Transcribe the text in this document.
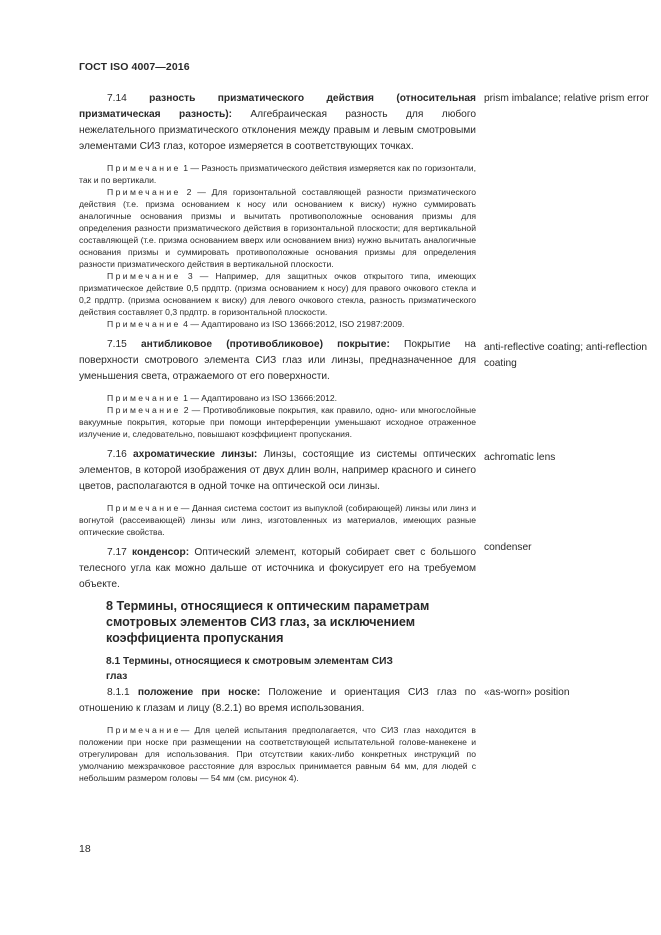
ГОСТ ISO 4007—2016

7.14 разность призматического действия (относительная призматическая разность): Алгебраическая разность для любого нежелательного призматического отклонения между правым и левым смотровыми элементами СИЗ глаз, которое измеряется в соответствующих точках.

Примечание 1 — Разность призматического действия измеряется как по горизонтали, так и по вертикали.

Примечание 2 — Для горизонтальной составляющей разности призматического действия (т.е. призма основанием к носу или основанием к виску) нужно суммировать аналогичные основания призмы и вычитать противоположные основания призмы для определения разности призматического действия в горизонтальной плоскости; для вертикальной составляющей (т.е. призма основанием вверх или основанием вниз) нужно вычитать аналогичные основания призмы и суммировать противоположные основания призмы для определения разности призматического действия в вертикальной плоскости.

Примечание 3 — Например, для защитных очков открытого типа, имеющих призматическое действие 0,5 прдптр. (призма основанием к носу) для правого очкового стекла и 0,2 прдптр. (призма основанием к виску) для левого очкового стекла, разность призматического действия составляет 0,3 прдптр. в горизонтальной плоскости.

Примечание 4 — Адаптировано из ISO 13666:2012, ISO 21987:2009.

7.15 антибликовое (противобликовое) покрытие: Покрытие на поверхности смотрового элемента СИЗ глаз или линзы, предназначенное для уменьшения света, отражаемого от его поверхности.

Примечание 1 — Адаптировано из ISO 13666:2012.

Примечание 2 — Противобликовые покрытия, как правило, одно- или многослойные вакуумные покрытия, которые при помощи интерференции уменьшают исходное отраженное излучение и, следовательно, повышают коэффициент пропускания.

7.16 ахроматические линзы: Линзы, состоящие из системы оптических элементов, в которой изображения от двух длин волн, например красного и синего цветов, располагаются в одной точке на оптической оси линзы.

Примечание— Данная система состоит из выпуклой (собирающей) линзы или линз и вогнутой (рассеивающей) линзы или линз, изготовленных из материалов, имеющих разные оптические свойства.

7.17 конденсор: Оптический элемент, который собирает свет с большого телесного угла как можно дальше от источника и фокусирует его на требуемом объекте.

prism imbalance; relative prism error
anti-reflective coating; anti-reflection coating
achromatic lens
condenser
8 Термины, относящиеся к оптическим параметрам смотровых элементов СИЗ глаз, за исключением коэффициента пропускания
8.1 Термины, относящиеся к смотровым элементам СИЗ глаз

8.1.1 положение при носке: Положение и ориентация СИЗ глаз по отношению к глазам и лицу (8.2.1) во время использования.

Примечание— Для целей испытания предполагается, что СИЗ глаз находится в положении при носке при размещении на соответствующей испытательной голове-манекене и отрегулирован для использования. При отсутствии каких-либо конкретных инструкций по умолчанию межзрачковое расстояние для взрослых принимается равным 64 мм, для людей с небольшим размером головы — 54 мм (см. рисунок 4).

«as-worn» position
18
